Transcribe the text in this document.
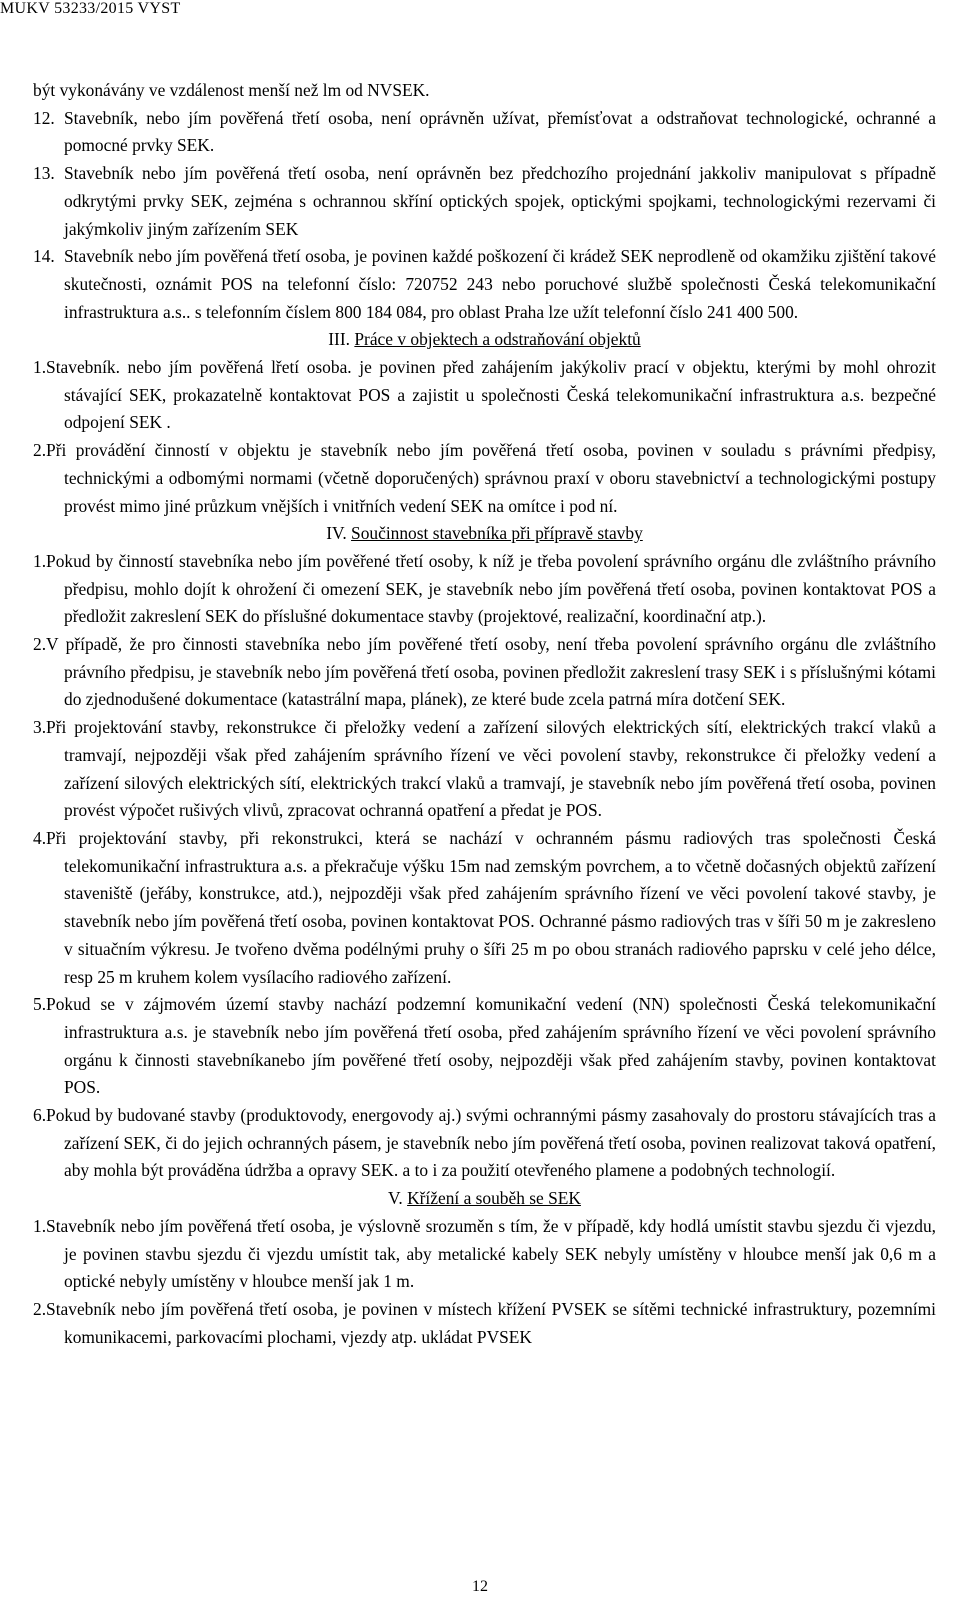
MUKV 53233/2015 VYST

být vykonávány ve vzdálenost menší než lm od NVSEK.

12. Stavebník, nebo jím pověřená třetí osoba, není oprávněn užívat, přemísťovat a odstraňovat technologické, ochranné a pomocné prvky SEK.

13. Stavebník nebo jím pověřená třetí osoba, není oprávněn bez předchozího projednání jakkoliv manipulovat s případně odkrytými prvky SEK, zejména s ochrannou skříní optických spojek, optickými spojkami, technologickými rezervami či jakýmkoliv jiným zařízením SEK

14. Stavebník nebo jím pověřená třetí osoba, je povinen každé poškození či krádež SEK neprodleně od okamžiku zjištění takové skutečnosti, oznámit POS na telefonní číslo: 720752 243 nebo poruchové službě společnosti Česká telekomunikační infrastruktura a.s.. s telefonním číslem 800 184 084, pro oblast Praha lze užít telefonní číslo 241 400 500.

III. Práce v objektech a odstraňování objektů

1.Stavebník. nebo jím pověřená lřetí osoba. je povinen před zahájením jakýkoliv prací v objektu, kterými by mohl ohrozit stávající SEK, prokazatelně kontaktovat POS a zajistit u společnosti Česká telekomunikační infrastruktura a.s. bezpečné odpojení SEK .

2.Při provádění činností v objektu je stavebník nebo jím pověřená třetí osoba, povinen v souladu s právními předpisy, technickými a odbomými normami (včetně doporučených) správnou praxí v oboru stavebnictví a technologickými postupy provést mimo jiné průzkum vnějších i vnitřních vedení SEK na omítce i pod ní.

IV. Součinnost stavebníka při přípravě stavby

1.Pokud by činností stavebníka nebo jím pověřené třetí osoby, k níž je třeba povolení správního orgánu dle zvláštního právního předpisu, mohlo dojít k ohrožení či omezení SEK, je stavebník nebo jím pověřená třetí osoba, povinen kontaktovat POS a předložit zakreslení SEK do příslušné dokumentace stavby (projektové, realizační, koordinační atp.).

2.V případě, že pro činnosti stavebníka nebo jím pověřené třetí osoby, není třeba povolení správního orgánu dle zvláštního právního předpisu, je stavebník nebo jím pověřená třetí osoba, povinen předložit zakreslení trasy SEK i s příslušnými kótami do zjednodušené dokumentace (katastrální mapa, plánek), ze které bude zcela patrná míra dotčení SEK.

3.Při projektování stavby, rekonstrukce či přeložky vedení a zařízení silových elektrických sítí, elektrických trakcí vlaků a tramvají, nejpozději však před zahájením správního řízení ve věci povolení stavby, rekonstrukce či přeložky vedení a zařízení silových elektrických sítí, elektrických trakcí vlaků a tramvají, je stavebník nebo jím pověřená třetí osoba, povinen provést výpočet rušivých vlivů, zpracovat ochranná opatření a předat je POS.

4.Při projektování stavby, při rekonstrukci, která se nachází v ochranném pásmu radiových tras společnosti Česká telekomunikační infrastruktura a.s. a překračuje výšku 15m nad zemským povrchem, a to včetně dočasných objektů zařízení staveniště (jeřáby, konstrukce, atd.), nejpozději však před zahájením správního řízení ve věci povolení takové stavby, je stavebník nebo jím pověřená třetí osoba, povinen kontaktovat POS. Ochranné pásmo radiových tras v šíři 50 m je zakresleno v situačním výkresu. Je tvořeno dvěma podélnými pruhy o šíři 25 m po obou stranách radiového paprsku v celé jeho délce, resp 25 m kruhem kolem vysílacího radiového zařízení.

5.Pokud se v zájmovém území stavby nachází podzemní komunikační vedení (NN) společnosti Česká telekomunikační infrastruktura a.s. je stavebník nebo jím pověřená třetí osoba, před zahájením správního řízení ve věci povolení správního orgánu k činnosti stavebníkanebo jím pověřené třetí osoby, nejpozději však před zahájením stavby, povinen kontaktovat POS.

6.Pokud by budované stavby (produktovody, energovody aj.) svými ochrannými pásmy zasahovaly do prostoru stávajících tras a zařízení SEK, či do jejich ochranných pásem, je stavebník nebo jím pověřená třetí osoba, povinen realizovat taková opatření, aby mohla být prováděna údržba a opravy SEK. a to i za použití otevřeného plamene a podobných technologií.

V. Křížení a souběh se SEK

1.Stavebník nebo jím pověřená třetí osoba, je výslovně srozuměn s tím, že v případě, kdy hodlá umístit stavbu sjezdu či vjezdu, je povinen stavbu sjezdu či vjezdu umístit tak, aby metalické kabely SEK nebyly umístěny v hloubce menší jak 0,6 m a optické nebyly umístěny v hloubce menší jak 1 m.

2.Stavebník nebo jím pověřená třetí osoba, je povinen v místech křížení PVSEK se sítěmi technické infrastruktury, pozemními komunikacemi, parkovacími plochami, vjezdy atp. ukládat PVSEK

12
